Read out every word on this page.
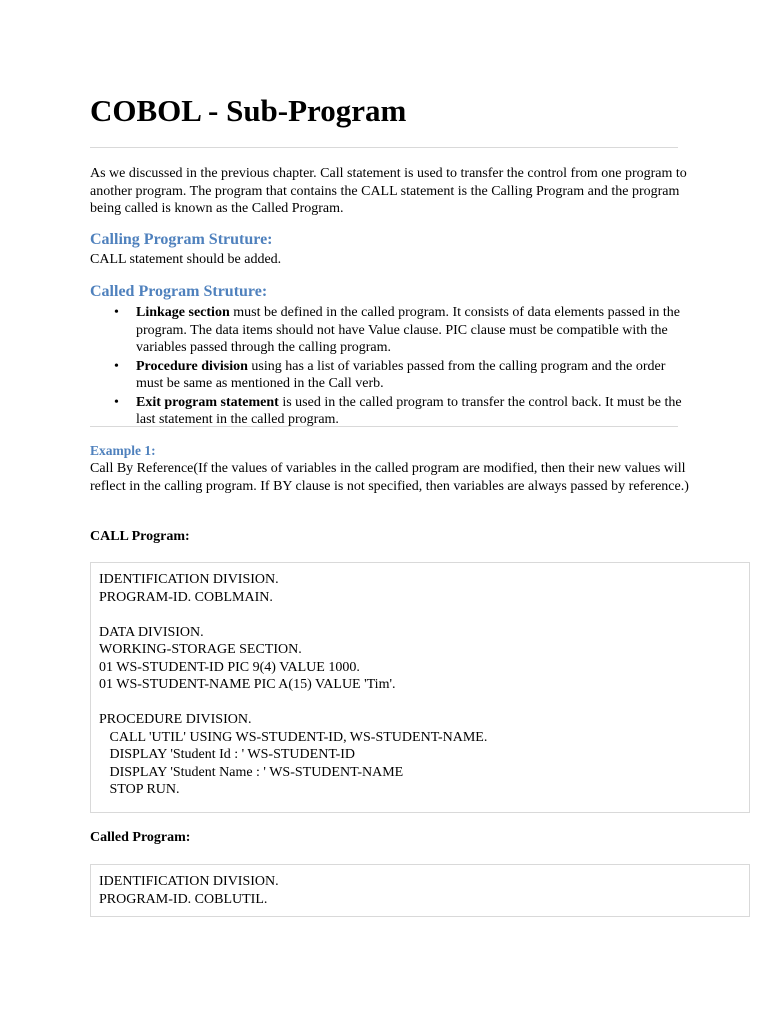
COBOL - Sub-Program

As we discussed in the previous chapter. Call statement is used to transfer the control from one program to another program. The program that contains the CALL statement is the Calling Program and the program being called is known as the Called Program.

Calling Program Struture:

CALL statement should be added.

Called Program Struture:
• Linkage section must be defined in the called program. It consists of data elements passed in the program. The data items should not have Value clause. PIC clause must be compatible with the variables passed through the calling program.
• Procedure division using has a list of variables passed from the calling program and the order must be same as mentioned in the Call verb.
• Exit program statement is used in the called program to transfer the control back. It must be the last statement in the called program.
Example 1:

Call By Reference(If the values of variables in the called program are modified, then their new values will reflect in the calling program. If BY clause is not specified, then variables are always passed by reference.)

CALL Program:

IDENTIFICATION DIVISION.
PROGRAM-ID. COBLMAIN.
DATA DIVISION.
WORKING-STORAGE SECTION.
01 WS-STUDENT-ID PIC 9(4) VALUE 1000.
01 WS-STUDENT-NAME PIC A(15) VALUE 'Tim'.
PROCEDURE DIVISION.
CALL 'UTIL' USING WS-STUDENT-ID, WS-STUDENT-NAME.
DISPLAY 'Student Id : ' WS-STUDENT-ID
DISPLAY 'Student Name : ' WS-STUDENT-NAME
STOP RUN.

Called Program:

IDENTIFICATION DIVISION.
PROGRAM-ID. COBLUTIL.
